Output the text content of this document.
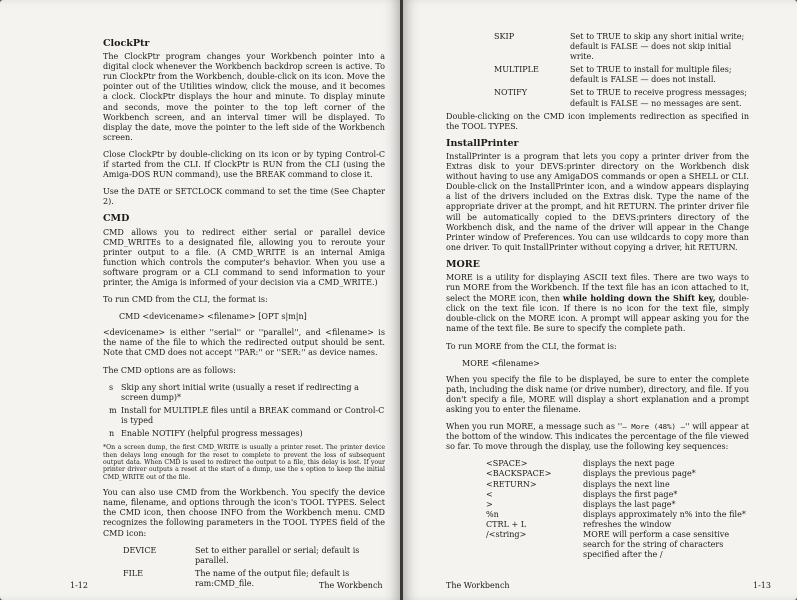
ClockPtr

The ClockPtr program changes your Workbench pointer into a digital clock whenever the Workbench backdrop screen is active. To run ClockPtr from the Workbench, double-click on its icon. Move the pointer out of the Utilities window, click the mouse, and it becomes a clock. ClockPtr displays the hour and minute. To display minute and seconds, move the pointer to the top left corner of the Workbench screen, and an interval timer will be displayed. To display the date, move the pointer to the left side of the Workbench screen.

Close ClockPtr by double-clicking on its icon or by typing Control-C if started from the CLI. If ClockPtr is RUN from the CLI (using the Amiga-DOS RUN command), use the BREAK command to close it.

Use the DATE or SETCLOCK command to set the time (See Chapter 2).

CMD

CMD allows you to redirect either serial or parallel device CMD_WRITEs to a designated file, allowing you to reroute your printer output to a file. (A CMD_WRITE is an internal Amiga function which controls the computer's behavior. When you use a software program or a CLI command to send information to your printer, the Amiga is informed of your decision via a CMD_WRITE.)

To run CMD from the CLI, the format is:

CMD <devicename> <filename> [OPT s|m|n]

<devicename> is either ''serial'' or ''parallel'', and <filename> is the name of the file to which the redirected output should be sent. Note that CMD does not accept ''PAR:'' or ''SER:'' as device names.

The CMD options are as follows:

s Skip any short initial write (usually a reset if redirecting a screen dump)*
m Install for MULTIPLE files until a BREAK command or Control-C is typed
n Enable NOTIFY (helpful progress messages)

*On a screen dump, the first CMD_WRITE is usually a printer reset. The printer device then delays long enough for the reset to complete to prevent the loss of subsequent output data. When CMD is used to redirect the output to a file, this delay is lost. If your printer driver outputs a reset at the start of a dump, use the s option to keep the initial CMD_WRITE out of the file.

You can also use CMD from the Workbench. You specify the device name, filename, and options through the icon's TOOL TYPES. Select the CMD icon, then choose INFO from the Workbench menu. CMD recognizes the following parameters in the TOOL TYPES field of the CMD icon:

DEVICE	Set to either parallel or serial; default is parallel.
FILE	The name of the output file; default is ram:CMD_file.
1-12	The Workbench
SKIP	Set to TRUE to skip any short initial write; default is FALSE — does not skip initial write.
MULTIPLE	Set to TRUE to install for multiple files; default is FALSE — does not install.
NOTIFY	Set to TRUE to receive progress messages; default is FALSE — no messages are sent.

Double-clicking on the CMD icon implements redirection as specified in the TOOL TYPES.

InstallPrinter

InstallPrinter is a program that lets you copy a printer driver from the Extras disk to your DEVS:printer directory on the Workbench disk without having to use any AmigaDOS commands or open a SHELL or CLI. Double-click on the InstallPrinter icon, and a window appears displaying a list of the drivers included on the Extras disk. Type the name of the appropriate driver at the prompt, and hit RETURN. The printer driver file will be automatically copied to the DEVS:printers directory of the Workbench disk, and the name of the driver will appear in the Change Printer window of Preferences. You can use wildcards to copy more than one driver. To quit InstallPrinter without copying a driver, hit RETURN.

MORE

MORE is a utility for displaying ASCII text files. There are two ways to run MORE from the Workbench. If the text file has an icon attached to it, select the MORE icon, then while holding down the Shift key, double-click on the text file icon. If there is no icon for the text file, simply double-click on the MORE icon. A prompt will appear asking you for the name of the text file. Be sure to specify the complete path.

To run MORE from the CLI, the format is:

MORE <filename>

When you specify the file to be displayed, be sure to enter the complete path, including the disk name (or drive number), directory, and file. If you don't specify a file, MORE will display a short explanation and a prompt asking you to enter the filename.

When you run MORE, a message such as ''– More (48%) –'' will appear at the bottom of the window. This indicates the percentage of the file viewed so far. To move through the display, use the following key sequences:

<SPACE>	displays the next page
<BACKSPACE>	displays the previous page*
<RETURN>	displays the next line
<	displays the first page*
>	displays the last page*
%n	displays approximately n% into the file*
CTRL + L	refreshes the window
/<string>	MORE will perform a case sensitive search for the string of characters specified after the /
The Workbench	1-13
